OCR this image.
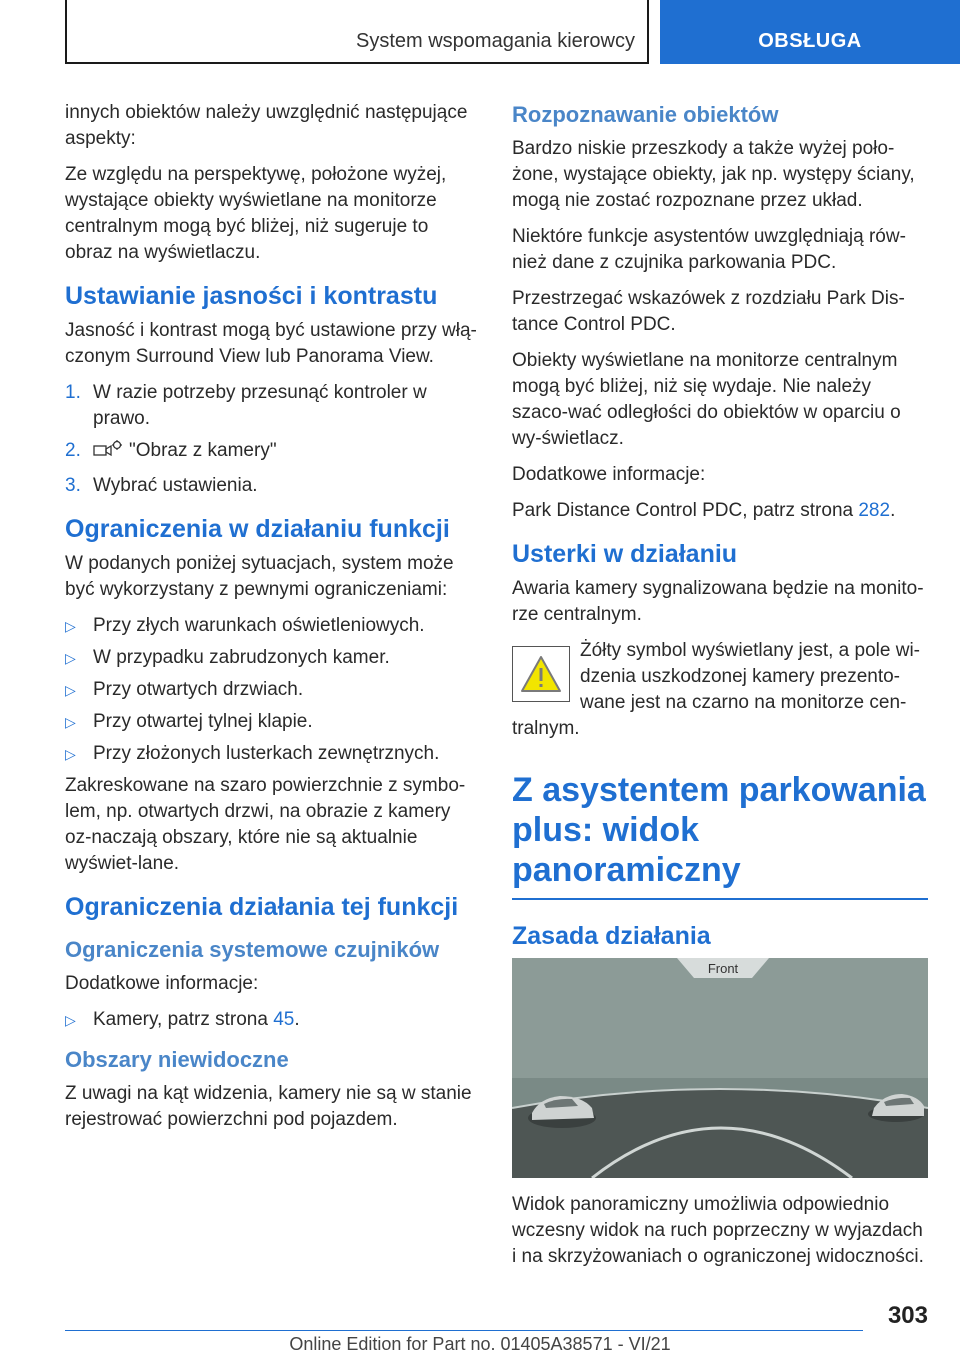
System wspomagania kierowcy	OBSŁUGA

innych obiektów należy uwzględnić następujące aspekty:

Ze względu na perspektywę, położone wyżej, wystające obiekty wyświetlane na monitorze centralnym mogą być bliżej, niż sugeruje to obraz na wyświetlaczu.

Ustawianie jasności i kontrastu

Jasność i kontrast mogą być ustawione przy włą‐czonym Surround View lub Panorama View.

1. W razie potrzeby przesunąć kontroler w prawo.
2.	"Obraz z kamery"
3. Wybrać ustawienia.
Ograniczenia w działaniu funkcji

W podanych poniżej sytuacjach, system może być wykorzystany z pewnymi ograniczeniami:

▷ Przy złych warunkach oświetleniowych.
▷ W przypadku zabrudzonych kamer.
▷ Przy otwartych drzwiach.
▷ Przy otwartej tylnej klapie.
▷ Przy złożonych lusterkach zewnętrznych.

Zakreskowane na szaro powierzchnie z symbo‐lem, np. otwartych drzwi, na obrazie z kamery oz‐naczają obszary, które nie są aktualnie wyświet‐lane.

Ograniczenia działania tej funkcji
Ograniczenia systemowe czujników

Dodatkowe informacje:

▷ Kamery, patrz strona 45.
Obszary niewidoczne

Z uwagi na kąt widzenia, kamery nie są w stanie rejestrować powierzchni pod pojazdem.

Rozpoznawanie obiektów

Bardzo niskie przeszkody a także wyżej poło‐żone, wystające obiekty, jak np. występy ściany, mogą nie zostać rozpoznane przez układ.

Niektóre funkcje asystentów uwzględniają rów‐nież dane z czujnika parkowania PDC.

Przestrzegać wskazówek z rozdziału Park Dis‐tance Control PDC.

Obiekty wyświetlane na monitorze centralnym mogą być bliżej, niż się wydaje. Nie należy szaco‐wać odległości do obiektów w oparciu o wy‐świetlacz.

Dodatkowe informacje:

Park Distance Control PDC, patrz strona 282.

Usterki w działaniu

Awaria kamery sygnalizowana będzie na monito‐rze centralnym.

Żółty symbol wyświetlany jest, a pole wi‐dzenia uszkodzonej kamery prezento‐wane jest na czarno na monitorze cen‐tralnym.

Z asystentem parkowania plus: widok panoramiczny
Zasada działania
Front

Widok panoramiczny umożliwia odpowiednio wczesny widok na ruch poprzeczny w wyjazdach i na skrzyżowaniach o ograniczonej widoczności.

303
Online Edition for Part no. 01405A38571 - VI/21
